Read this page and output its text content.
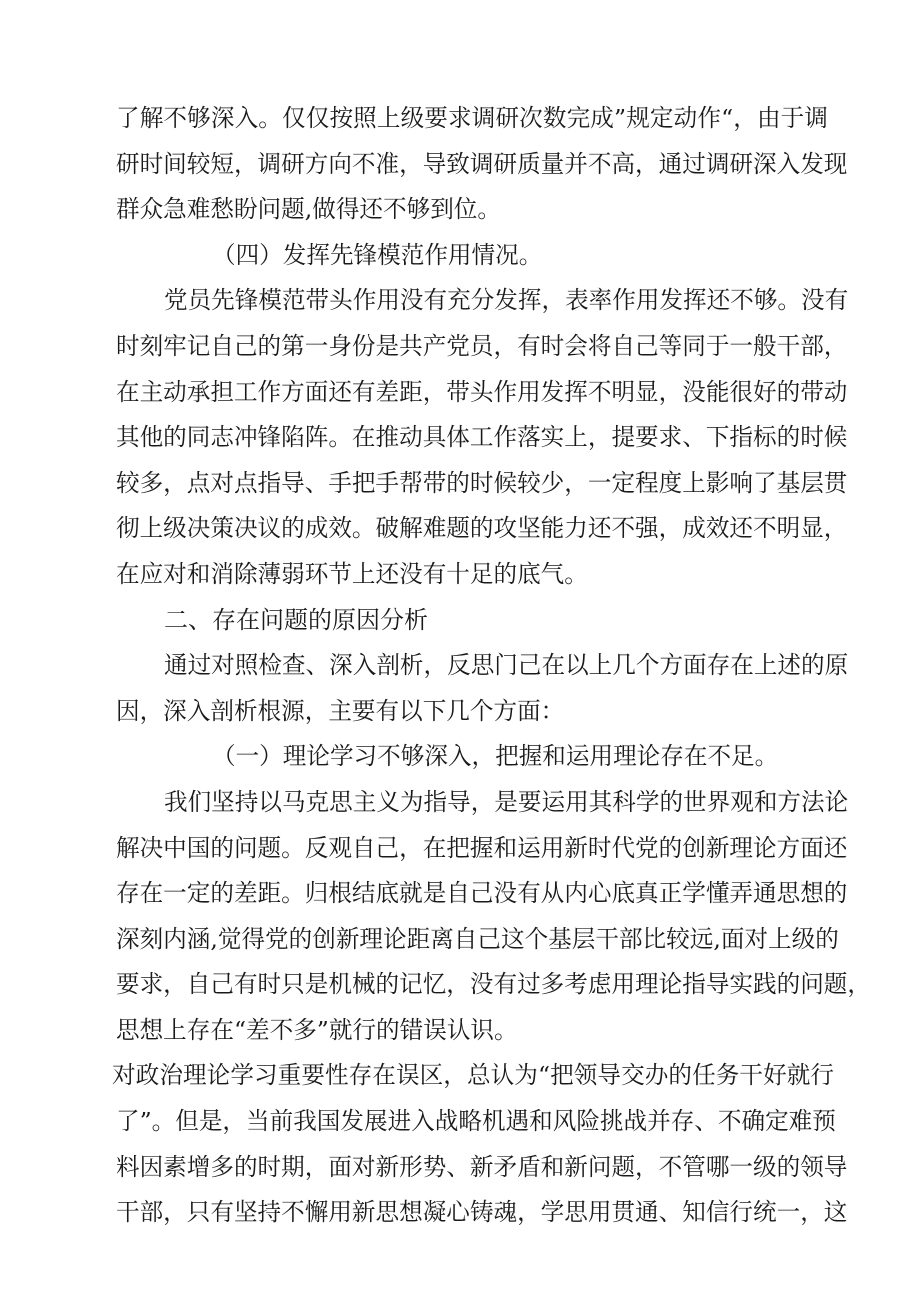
了解不够深入。仅仅按照上级要求调研次数完成”规定动作“，由于调
研时间较短，调研方向不准，导致调研质量并不高，通过调研深入发现
群众急难愁盼问题,做得还不够到位。
（四）发挥先锋模范作用情况。
党员先锋模范带头作用没有充分发挥，表率作用发挥还不够。没有
时刻牢记自己的第一身份是共产党员，有时会将自己等同于一般干部，
在主动承担工作方面还有差距，带头作用发挥不明显，没能很好的带动
其他的同志冲锋陷阵。在推动具体工作落实上，提要求、下指标的时候
较多，点对点指导、手把手帮带的时候较少，一定程度上影响了基层贯
彻上级决策决议的成效。破解难题的攻坚能力还不强，成效还不明显，
在应对和消除薄弱环节上还没有十足的底气。
二、存在问题的原因分析
通过对照检查、深入剖析，反思门己在以上几个方面存在上述的原
因，深入剖析根源，主要有以下几个方面：
（一）理论学习不够深入，把握和运用理论存在不足。
我们坚持以马克思主义为指导，是要运用其科学的世界观和方法论
解决中国的问题。反观自己，在把握和运用新时代党的创新理论方面还
存在一定的差距。归根结底就是自己没有从内心底真正学懂弄通思想的
深刻内涵,觉得党的创新理论距离自己这个基层干部比较远,面对上级的
要求，自己有时只是机械的记忆，没有过多考虑用理论指导实践的问题，
思想上存在“差不多”就行的错误认识。
对政治理论学习重要性存在误区，总认为“把领导交办的任务干好就行
了”。但是，当前我国发展进入战略机遇和风险挑战并存、不确定难预
料因素增多的时期，面对新形势、新矛盾和新问题，不管哪一级的领导
干部，只有坚持不懈用新思想凝心铸魂，学思用贯通、知信行统一，这
